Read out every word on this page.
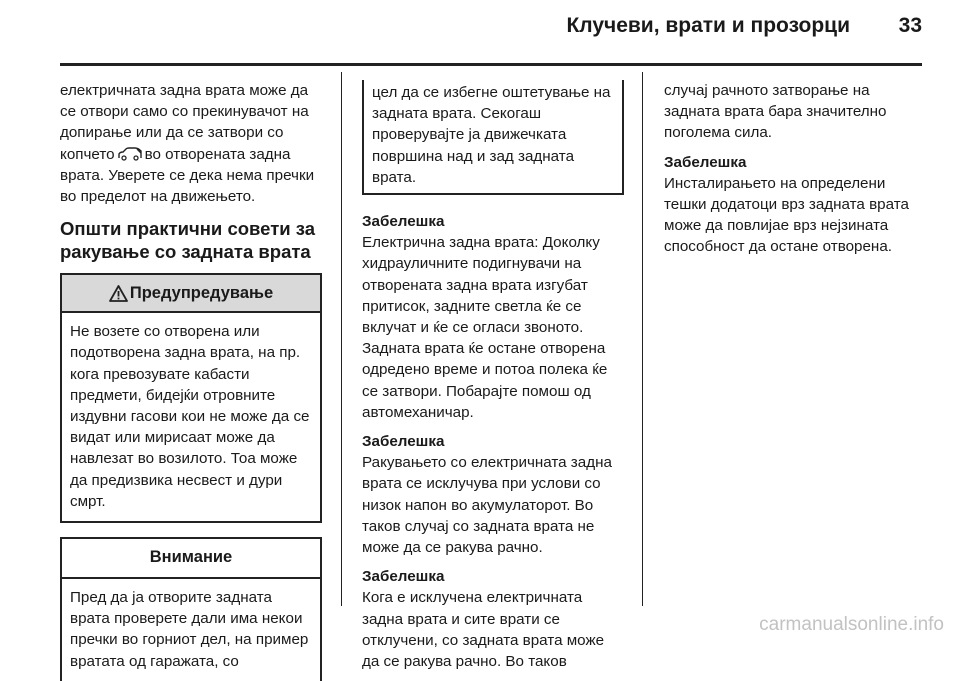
Клучеви, врати и прозорци	33

електричната задна врата може да се отвори само со прекинувачот на допирање или да се затвори со копчето во отворената задна врата. Уверете се дека нема пречки во пределот на движењето.

Општи практични совети за ракување со задната врата
Предупредување
Не возете со отворена или подотворена задна врата, на пр. кога превозувате кабасти предмети, бидејќи отровните издувни гасови кои не може да се видат или мирисаат може да навлезат во возилото. Тоа може да предизвика несвест и дури смрт.
Внимание
Пред да ја отворите задната врата проверете дали има некои пречки во горниот дел, на пример вратата од гаражата, со
цел да се избегне оштетување на задната врата. Секогаш проверувајте ја движечката површина над и зад задната врата.
Забелешка
Електрична задна врата: Доколку хидрауличните подигнувачи на отворената задна врата изгубат притисок, задните светла ќе се вклучат и ќе се огласи звоното. Задната врата ќе остане отворена одредено време и потоа полека ќе се затвори. Побарајте помош од автомеханичар.
Забелешка
Ракувањето со електричната задна врата се исклучува при услови со низок напон во акумулаторот. Во таков случај со задната врата не може да се ракува рачно.
Забелешка
Кога е исклучена електричната задна врата и сите врати се отклучени, со задната врата може да се ракува рачно. Во таков
случај рачното затворање на задната врата бара значително поголема сила.
Забелешка
Инсталирањето на определени тешки додатоци врз задната врата може да повлијае врз нејзината способност да остане отворена.
carmanualsonline.info
